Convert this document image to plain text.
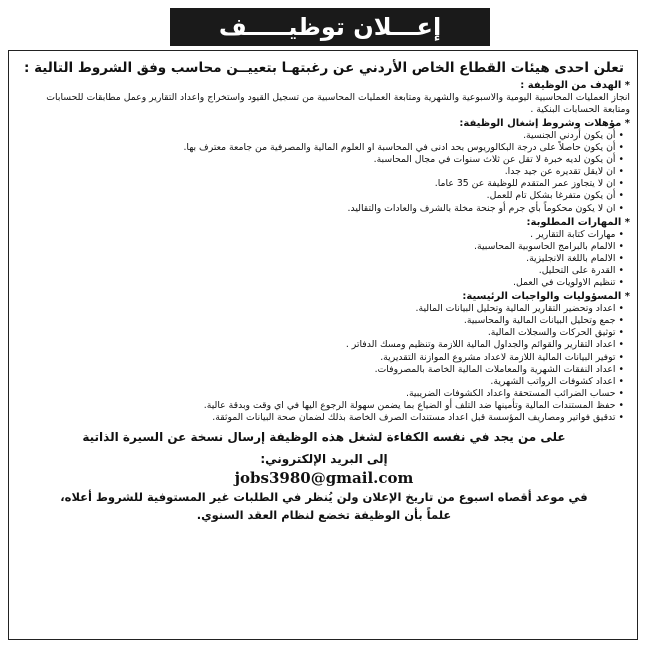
إعـــلان توظيـــــف

تعلن احدى هيئات القطاع الخاص الأردني عن رغبتهـا بتعييــن محاسب وفق الشروط التالية :

* الهدف من الوظيفة :

انجاز العمليات المحاسبية اليومية والاسبوعية والشهرية ومتابعة العمليات المحاسبية من تسجيل القيود واستخراج واعداد التقارير وعمل مطابقات للحسابات ومتابعة الحسابات البنكية .

* مؤهلات وشروط إشغال الوظيفة:

• أن يكون أردني الجنسية.
• أن يكون حاصلاً على درجة البكالوريوس بحد ادنى في المحاسبة او العلوم المالية والمصرفية من جامعة معترف بها.
• أن يكون لديه خبرة لا تقل عن ثلاث سنوات في مجال المحاسبة.
• ان لايقل تقديره عن جيد جدا.
• ان لا يتجاوز عمر المتقدم للوظيفة عن 35 عاما.
• أن يكون متفرغا بشكل تام للعمل.
• ان لا يكون محكوماً بأي جرم أو جنحة مخلة بالشرف والعادات والتقاليد.

* المهارات المطلوبة:

• مهارات كتابة التقارير .
• الالمام بالبرامج الحاسوبية المحاسبية.
• الالمام باللغة الانجليزية.
• القدرة على التحليل.
• تنظيم الاولويات في العمل.

* المسؤوليات والواجبات الرئيسية:

• اعداد وتحضير التقارير المالية وتحليل البيانات المالية.
• جمع وتحليل البيانات المالية والمحاسبية.
• توثيق الحركات والسجلات المالية.
• اعداد التقارير والقوائم والجداول المالية اللازمة وتنظيم ومسك الدفاتر .
• توفير البيانات المالية اللازمة لاعداد مشروع الموازنة التقديرية.
• اعداد النفقات الشهرية والمعاملات المالية الخاصة بالمصروفات.
• اعداد كشوفات الرواتب الشهرية.
• حساب الضرائب المستحقة واعداد الكشوفات الضريبية.
• حفظ المستندات المالية وتأمينها ضد التلف أو الضياع بما يضمن سهولة الرجوع اليها في اي وقت وبدقة عالية.
• تدقيق فواتير ومصاريف المؤسسة قبل اعداد مستندات الصرف الخاصة بذلك لضمان صحة البيانات الموثقة.
على من يجد في نفسه الكفاءة لشغل هذه الوظيفة إرسال نسخة عن السيرة الذاتية
إلى البريد الإلكتروني:
jobs3980@gmail.com
في موعد أقصاه اسبوع من تاريخ الإعلان ولن يُنظر في الطلبات غير المستوفية للشروط أعلاه،
علماً بأن الوظيفة تخضع لنظام العقد السنوي.
